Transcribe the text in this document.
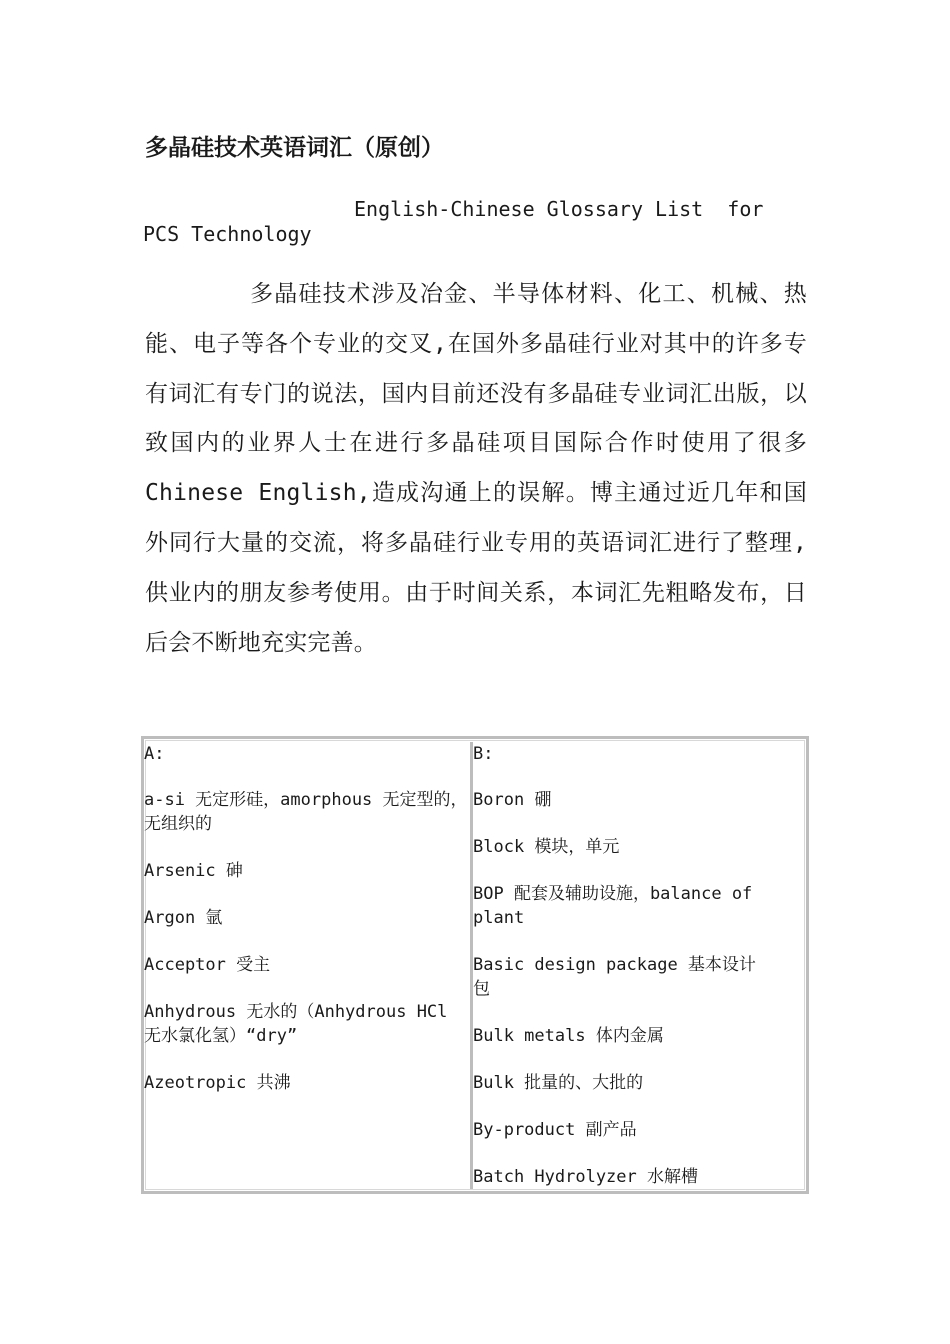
多晶硅技术英语词汇（原创）

English-Chinese Glossary List  for
PCS Technology

多晶硅技术涉及冶金、半导体材料、化工、机械、热能、电子等各个专业的交叉,在国外多晶硅行业对其中的许多专有词汇有专门的说法，国内目前还没有多晶硅专业词汇出版，以致国内的业界人士在进行多晶硅项目国际合作时使用了很多Chinese English,造成沟通上的误解。博主通过近几年和国外同行大量的交流，将多晶硅行业专用的英语词汇进行了整理,供业内的朋友参考使用。由于时间关系，本词汇先粗略发布，日后会不断地充实完善。

A:
a-si 无定形硅，amorphous 无定型的，无组织的
Arsenic 砷
Argon 氩
Acceptor 受主
Anhydrous 无水的（Anhydrous HCl 无水氯化氢）“dry”
Azeotropic 共沸
B:
Boron 硼
Block 模块，单元
BOP 配套及辅助设施，balance of plant
Basic design package 基本设计包
Bulk metals 体内金属
Bulk 批量的、大批的
By-product 副产品
Batch Hydrolyzer 水解槽
